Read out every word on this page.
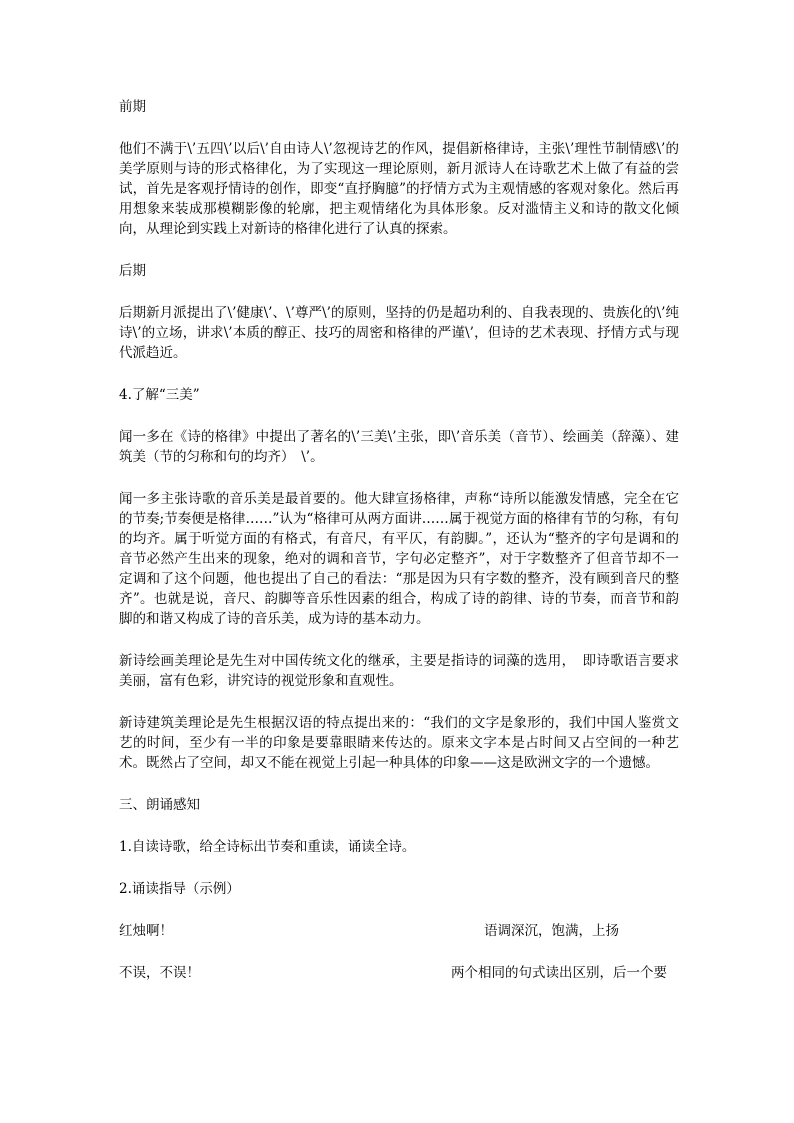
前期
他们不满于\’五四\’以后\’自由诗人\’忽视诗艺的作风，提倡新格律诗，主张\’理性节制情感\’的美学原则与诗的形式格律化，为了实现这一理论原则，新月派诗人在诗歌艺术上做了有益的尝试，首先是客观抒情诗的创作，即变“直抒胸臆”的抒情方式为主观情感的客观对象化。然后再用想象来装成那模糊影像的轮廓，把主观情绪化为具体形象。反对滥情主义和诗的散文化倾向，从理论到实践上对新诗的格律化进行了认真的探索。
后期
后期新月派提出了\’健康\’、\’尊严\’的原则，坚持的仍是超功利的、自我表现的、贵族化的\’纯诗\’的立场，讲求\’本质的醇正、技巧的周密和格律的严谨\’，但诗的艺术表现、抒情方式与现代派趋近。
4.了解“三美”
闻一多在《诗的格律》中提出了著名的\’三美\’主张，即\’音乐美（音节）、绘画美（辞藻）、建筑美（节的匀称和句的均齐）　\’。
闻一多主张诗歌的音乐美是最首要的。他大肆宣扬格律，声称“诗所以能激发情感，完全在它的节奏;节奏便是格律……”认为“格律可从两方面讲……属于视觉方面的格律有节的匀称，有句的均齐。属于听觉方面的有格式，有音尺，有平仄，有韵脚。”，还认为“整齐的字句是调和的音节必然产生出来的现象，绝对的调和音节，字句必定整齐”，对于字数整齐了但音节却不一定调和了这个问题，他也提出了自己的看法：“那是因为只有字数的整齐，没有顾到音尺的整齐”。也就是说，音尺、韵脚等音乐性因素的组合，构成了诗的韵律、诗的节奏，而音节和韵脚的和谐又构成了诗的音乐美，成为诗的基本动力。
新诗绘画美理论是先生对中国传统文化的继承，主要是指诗的词藻的选用，　即诗歌语言要求美丽，富有色彩，讲究诗的视觉形象和直观性。
新诗建筑美理论是先生根据汉语的特点提出来的：“我们的文字是象形的，我们中国人鉴赏文艺的时间，至少有一半的印象是要靠眼睛来传达的。原来文字本是占时间又占空间的一种艺术。既然占了空间，却又不能在视觉上引起一种具体的印象——这是欧洲文字的一个遗憾。
三、朗诵感知
1.自读诗歌，给全诗标出节奏和重读，诵读全诗。
2.诵读指导（示例）
红烛啊！	语调深沉，饱满，上扬
不误，不误！	两个相同的句式读出区别，后一个要
